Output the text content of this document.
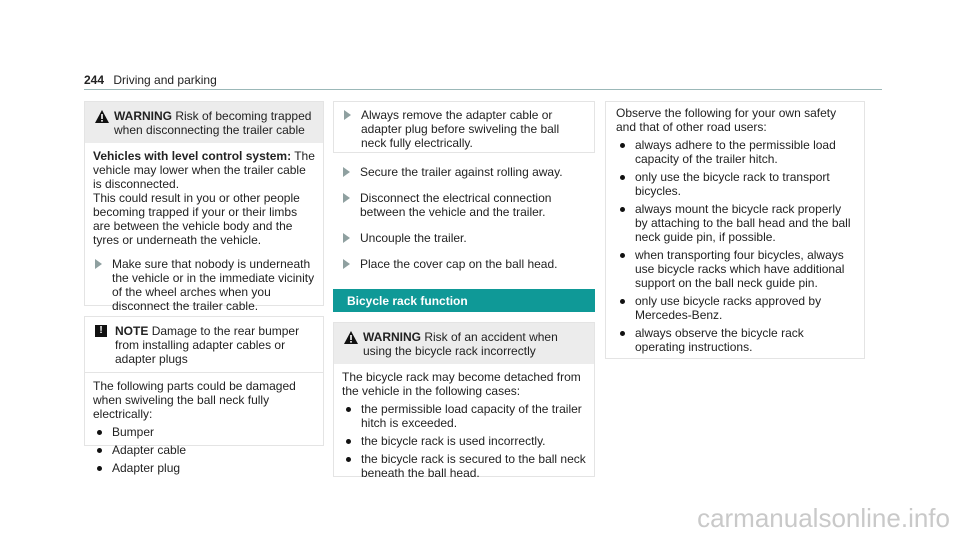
244 Driving and parking
WARNING Risk of becoming trapped when disconnecting the trailer cable
Vehicles with level control system: The vehicle may lower when the trailer cable is disconnected.
This could result in you or other people becoming trapped if your or their limbs are between the vehicle body and the tyres or underneath the vehicle.
Make sure that nobody is underneath the vehicle or in the immediate vicinity of the wheel arches when you disconnect the trailer cable.
!	NOTE Damage to the rear bumper from installing adapter cables or adapter plugs
The following parts could be damaged when swiveling the ball neck fully electrically:
Bumper
Adapter cable
Adapter plug
Always remove the adapter cable or adapter plug before swiveling the ball neck fully electrically.
Secure the trailer against rolling away.
Disconnect the electrical connection between the vehicle and the trailer.
Uncouple the trailer.
Place the cover cap on the ball head.
Bicycle rack function
WARNING Risk of an accident when using the bicycle rack incorrectly
The bicycle rack may become detached from the vehicle in the following cases:
the permissible load capacity of the trailer hitch is exceeded.
the bicycle rack is used incorrectly.
the bicycle rack is secured to the ball neck beneath the ball head.
Observe the following for your own safety and that of other road users:
always adhere to the permissible load capacity of the trailer hitch.
only use the bicycle rack to transport bicycles.
always mount the bicycle rack properly by attaching to the ball head and the ball neck guide pin, if possible.
when transporting four bicycles, always use bicycle racks which have additional support on the ball neck guide pin.
only use bicycle racks approved by Mercedes-Benz.
always observe the bicycle rack operating instructions.
carmanualsonline.info
